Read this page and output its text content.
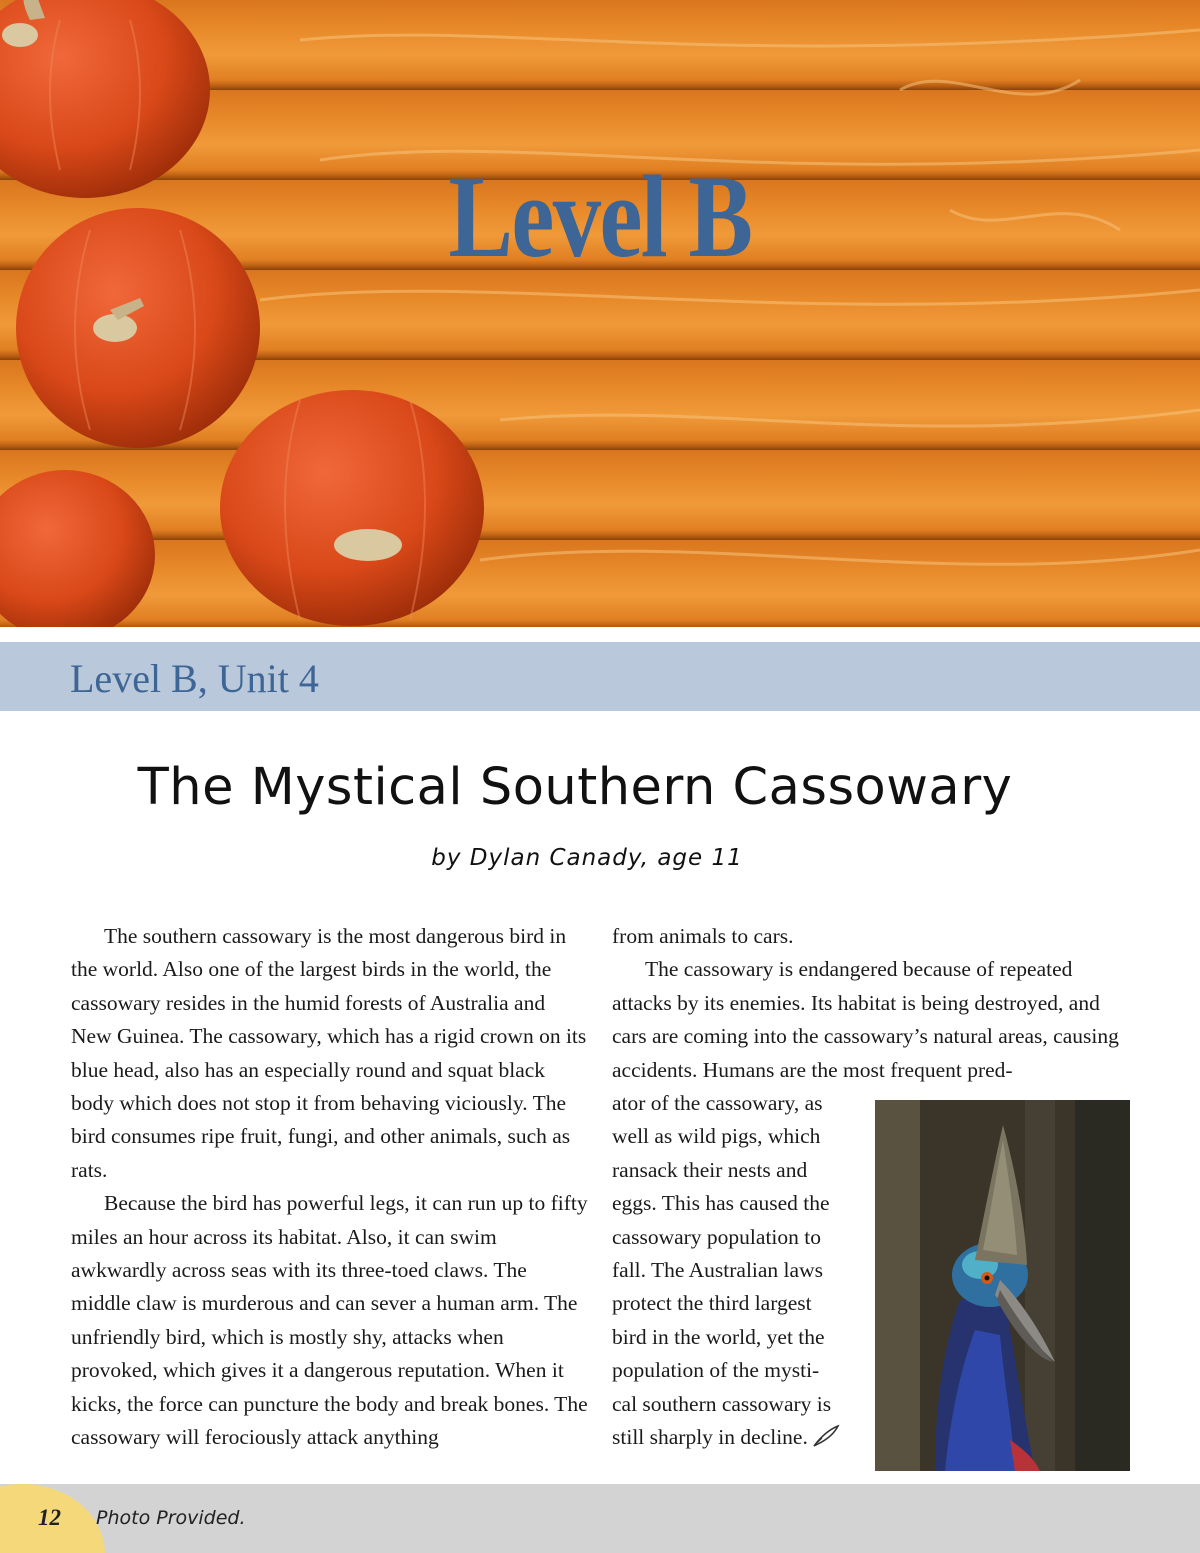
Level B
Level B, Unit 4
The Mystical Southern Cassowary
by Dylan Canady, age 11

The southern cassowary is the most dangerous bird in the world. Also one of the largest birds in the world, the cassowary resides in the humid forests of Australia and New Guinea. The cassowary, which has a rigid crown on its blue head, also has an especially round and squat black body which does not stop it from behaving viciously. The bird consumes ripe fruit, fungi, and other animals, such as rats.

Because the bird has powerful legs, it can run up to fifty miles an hour across its habitat. Also, it can swim awkwardly across seas with its three-toed claws. The middle claw is murderous and can sever a human arm. The unfriendly bird, which is mostly shy, attacks when provoked, which gives it a dangerous reputation. When it kicks, the force can puncture the body and break bones. The cassowary will ferociously attack anything

from animals to cars.

The cassowary is endangered because of repeated attacks by its enemies. Its habitat is being destroyed, and cars are coming into the cassowary’s natural areas, causing accidents. Humans are the most frequent pred-

ator of the cassowary, as
well as wild pigs, which
ransack their nests and
eggs. This has caused the
cassowary population to
fall. The Australian laws
protect the third largest
bird in the world, yet the
population of the mysti-
cal southern cassowary is
still sharply in decline.
12 Photo Provided.
